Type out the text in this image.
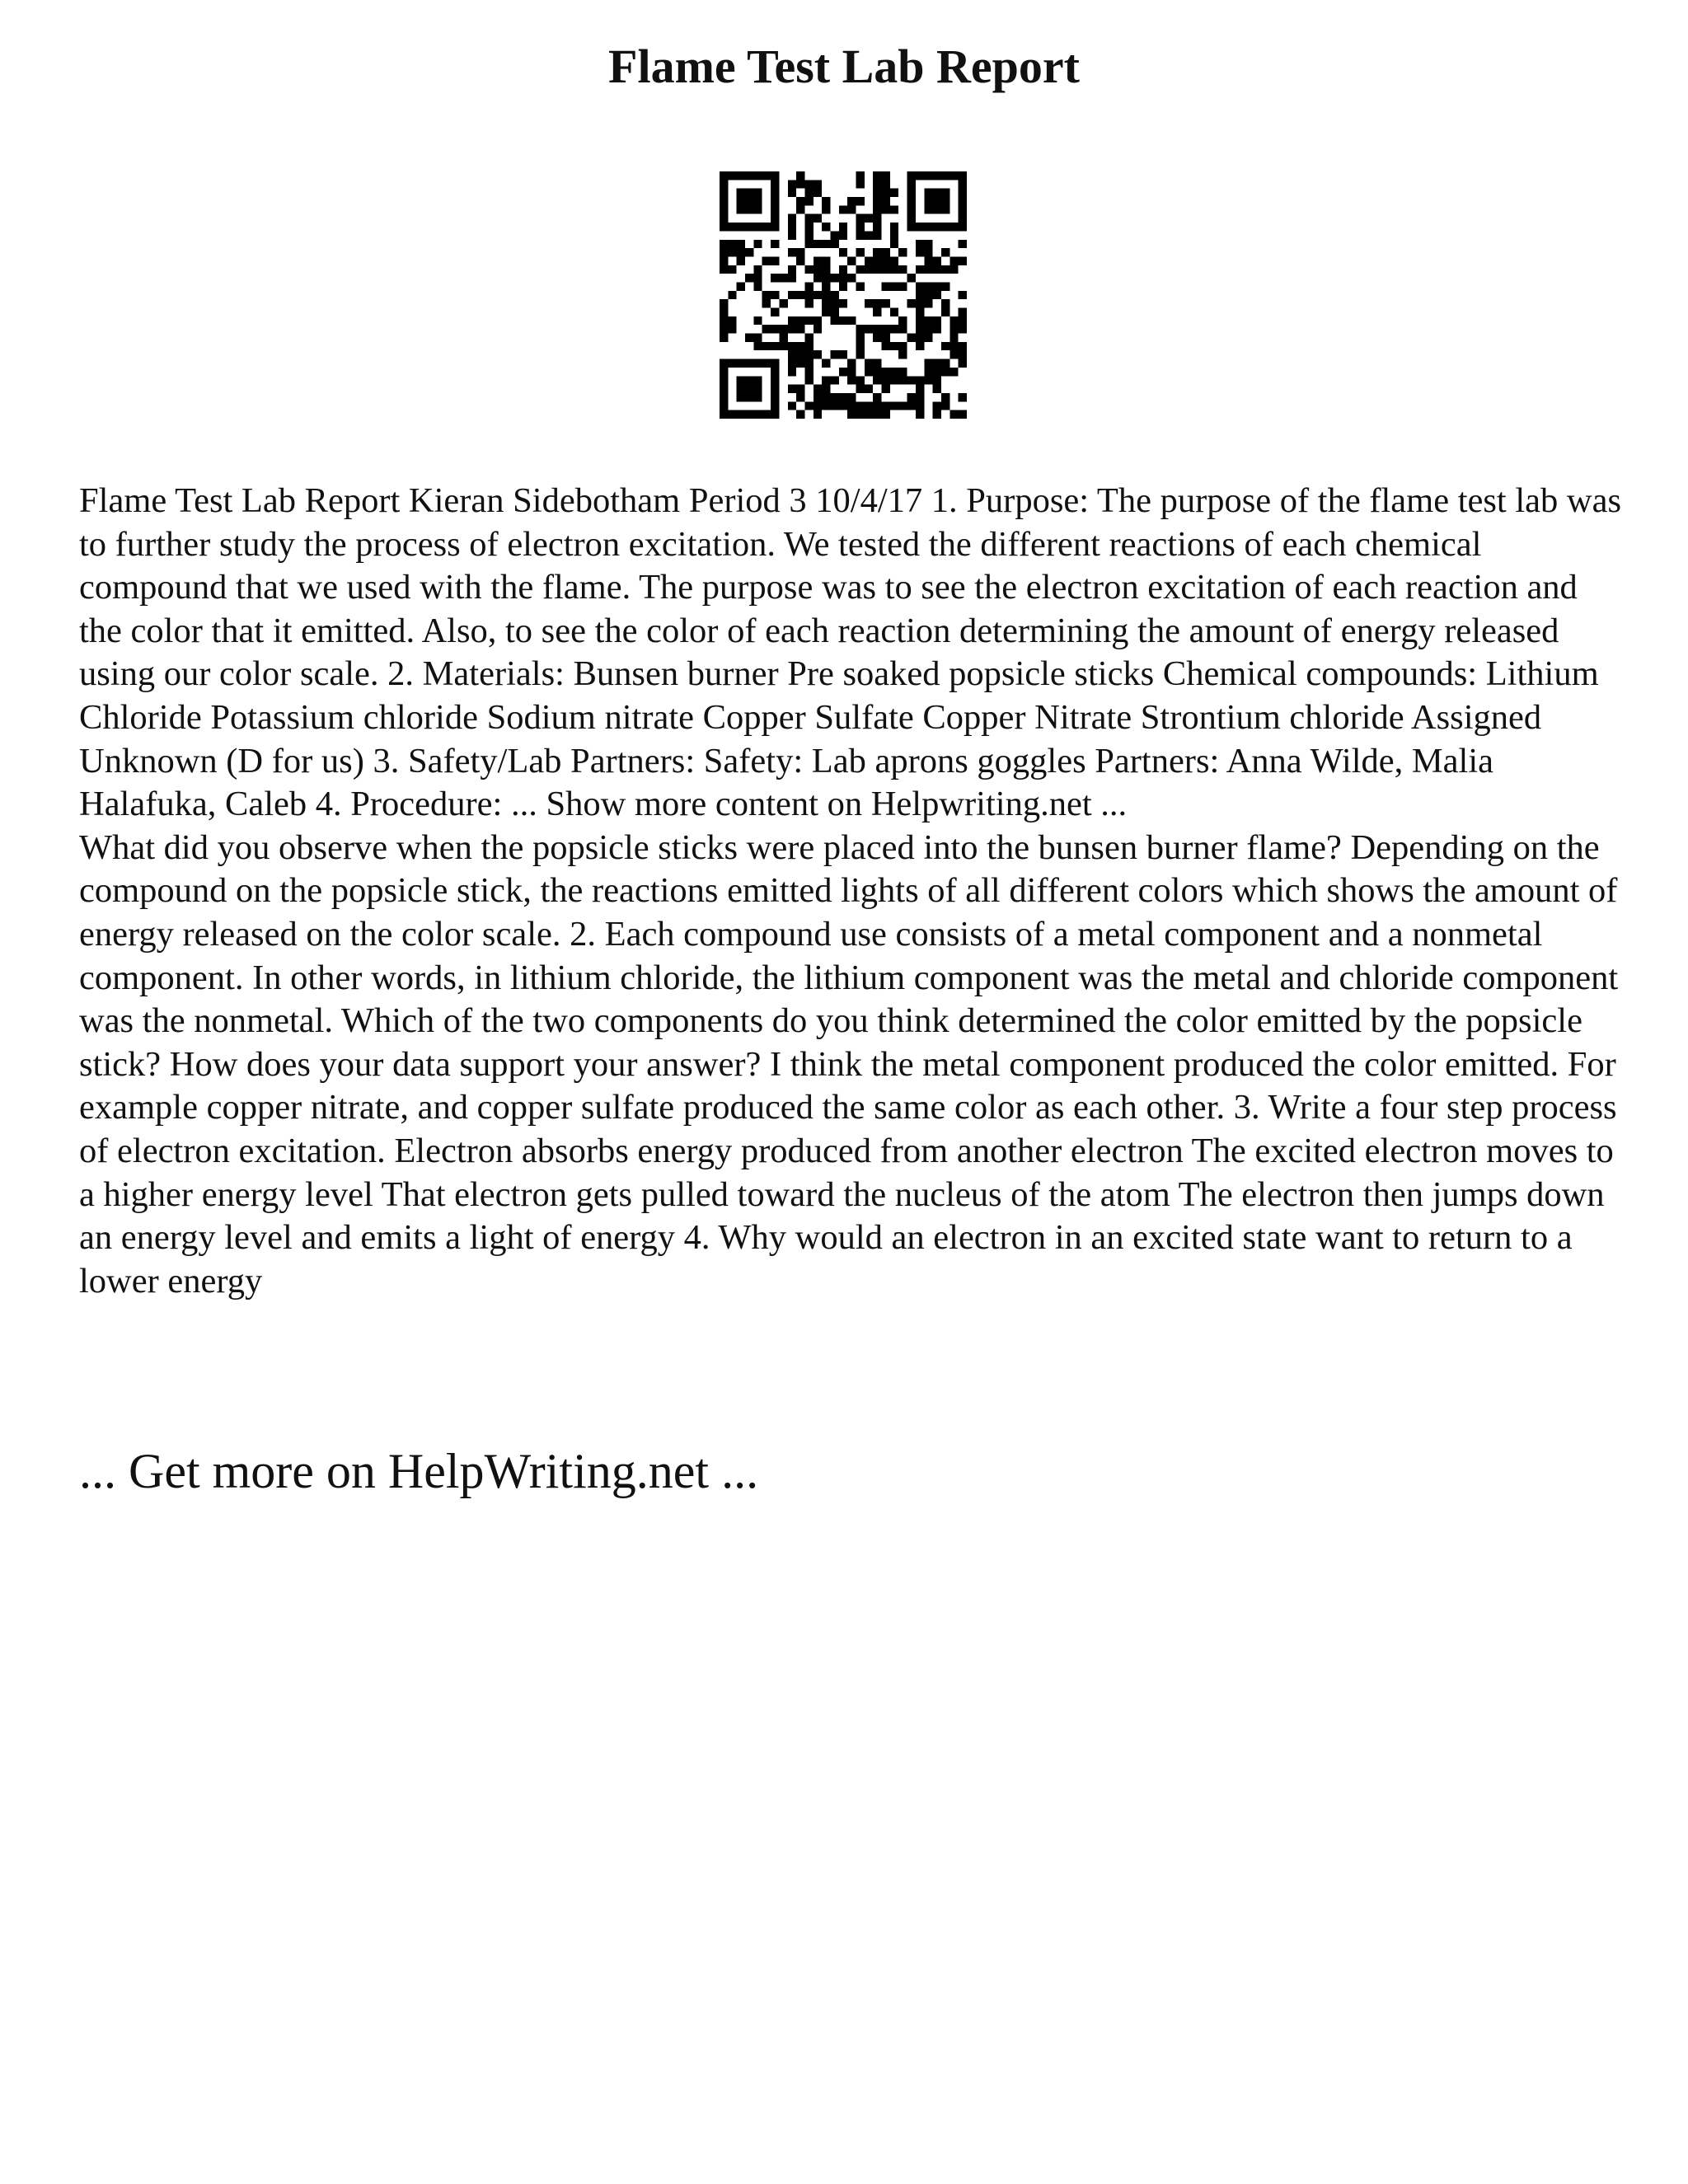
Flame Test Lab Report

Flame Test Lab Report Kieran Sidebotham Period 3 10/4/17 1. Purpose: The purpose of the flame test lab was to further study the process of electron excitation. We tested the different reactions of each chemical compound that we used with the flame. The purpose was to see the electron excitation of each reaction and the color that it emitted. Also, to see the color of each reaction determining the amount of energy released using our color scale. 2. Materials: Bunsen burner Pre soaked popsicle sticks Chemical compounds: Lithium Chloride Potassium chloride Sodium nitrate Copper Sulfate Copper Nitrate Strontium chloride Assigned Unknown (D for us) 3. Safety/Lab Partners: Safety: Lab aprons goggles Partners: Anna Wilde, Malia Halafuka, Caleb 4. Procedure: ... Show more content on Helpwriting.net ...

What did you observe when the popsicle sticks were placed into the bunsen burner flame? Depending on the compound on the popsicle stick, the reactions emitted lights of all different colors which shows the amount of energy released on the color scale. 2. Each compound use consists of a metal component and a nonmetal component. In other words, in lithium chloride, the lithium component was the metal and chloride component was the nonmetal. Which of the two components do you think determined the color emitted by the popsicle stick? How does your data support your answer? I think the metal component produced the color emitted. For example copper nitrate, and copper sulfate produced the same color as each other. 3. Write a four step process of electron excitation. Electron absorbs energy produced from another electron The excited electron moves to a higher energy level That electron gets pulled toward the nucleus of the atom The electron then jumps down an energy level and emits a light of energy 4. Why would an electron in an excited state want to return to a lower energy

... Get more on HelpWriting.net ...
